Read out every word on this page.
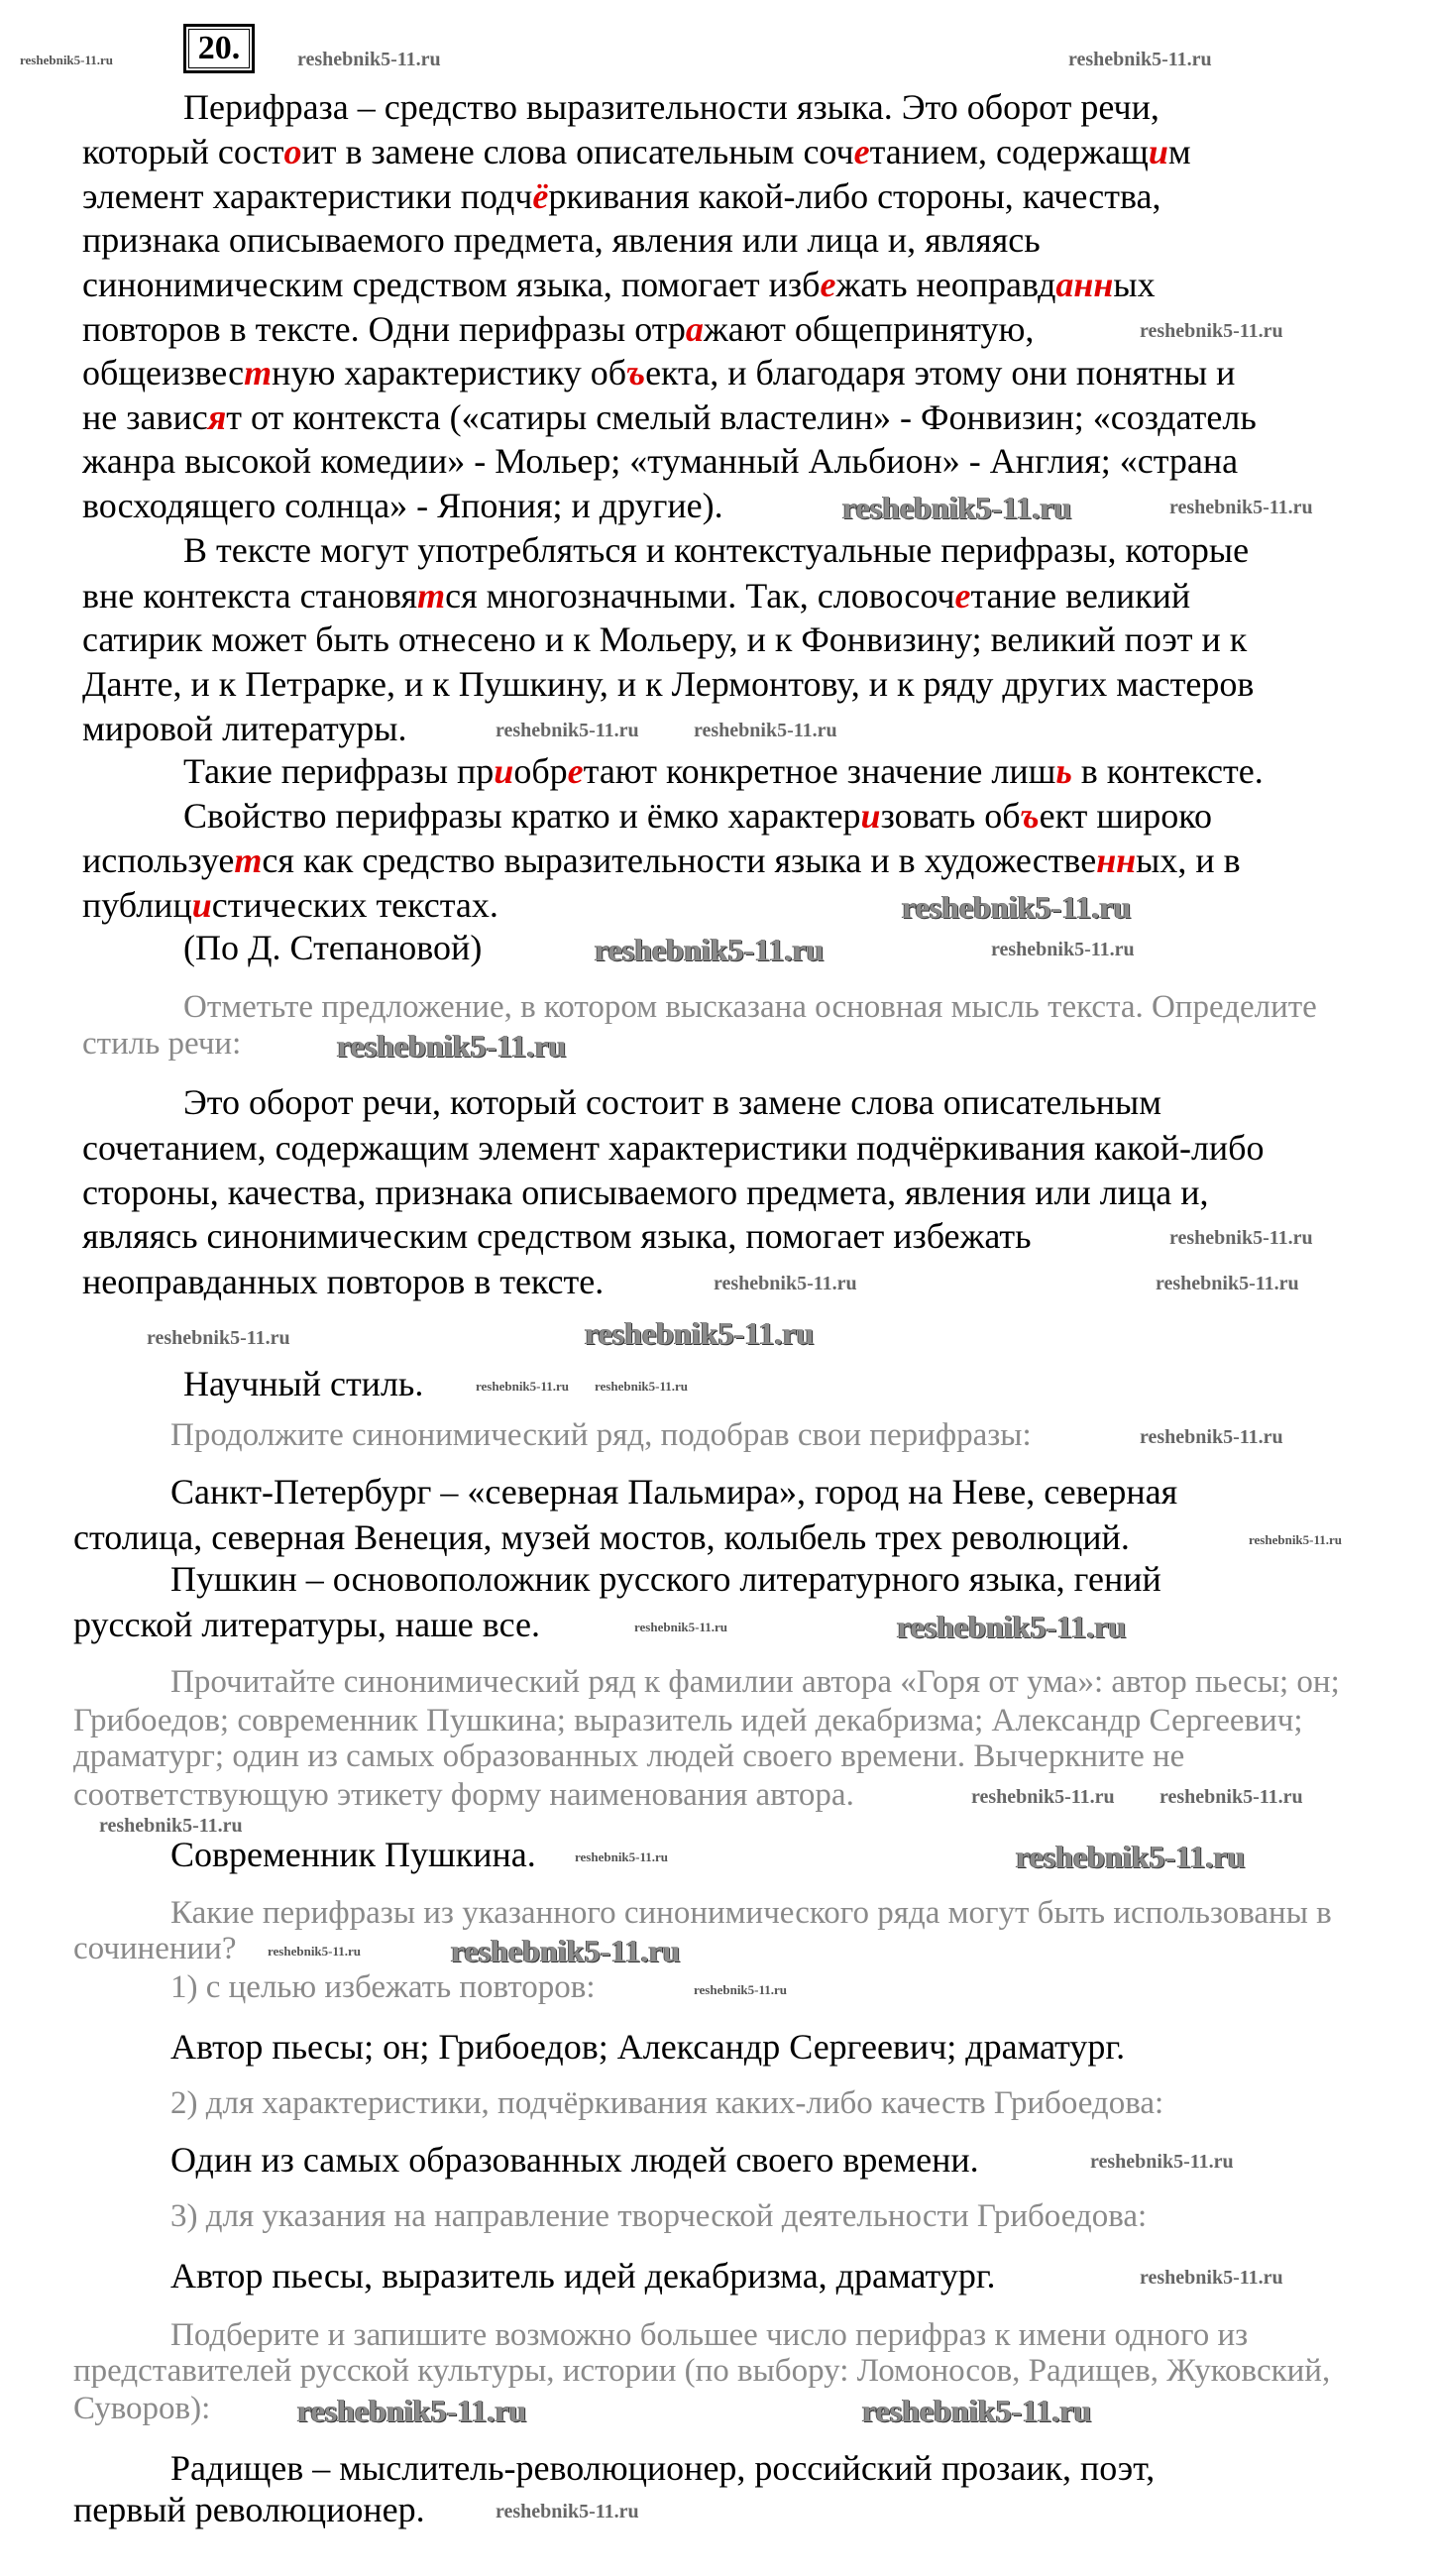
20.
Перифраза – средство выразительности языка. Это оборот речи,
который состоит в замене слова описательным сочетанием, содержащим
элемент характеристики подчёркивания какой-либо стороны, качества,
признака описываемого предмета, явления или лица и, являясь
синонимическим средством языка, помогает избежать неоправданных
повторов в тексте. Одни перифразы отражают общепринятую,
общеизвестную характеристику объекта, и благодаря этому они понятны и
не зависят от контекста («сатиры смелый властелин» - Фонвизин; «создатель
жанра высокой комедии» - Мольер; «туманный Альбион» - Англия; «страна
восходящего солнца» - Япония; и другие).
В тексте могут употребляться и контекстуальные перифразы, которые
вне контекста становятся многозначными. Так, словосочетание великий
сатирик может быть отнесено и к Мольеру, и к Фонвизину; великий поэт и к
Данте, и к Петрарке, и к Пушкину, и к Лермонтову, и к ряду других мастеров
мировой литературы.
Такие перифразы приобретают конкретное значение лишь в контексте.
Свойство перифразы кратко и ёмко характеризовать объект широко
используется как средство выразительности языка и в художественных, и в
публицистических текстах.
(По Д. Степановой)
Отметьте предложение, в котором высказана основная мысль текста. Определите
стиль речи:
Это оборот речи, который состоит в замене слова описательным
сочетанием, содержащим элемент характеристики подчёркивания какой-либо
стороны, качества, признака описываемого предмета, явления или лица и,
являясь синонимическим средством языка, помогает избежать
неоправданных повторов в тексте.
Научный стиль.
Продолжите синонимический ряд, подобрав свои перифразы:
Санкт-Петербург – «северная Пальмира», город на Неве, северная
столица, северная Венеция, музей мостов, колыбель трех революций.
Пушкин – основоположник русского литературного языка, гений
русской литературы, наше все.
Прочитайте синонимический ряд к фамилии автора «Горя от ума»: автор пьесы; он;
Грибоедов; современник Пушкина; выразитель идей декабризма; Александр Сергеевич;
драматург; один из самых образованных людей своего времени. Вычеркните не
соответствующую этикету форму наименования автора.
Современник Пушкина.
Какие перифразы из указанного синонимического ряда могут быть использованы в
сочинении?
1) с целью избежать повторов:
Автор пьесы; он; Грибоедов; Александр Сергеевич; драматург.
2) для характеристики, подчёркивания каких-либо качеств Грибоедова:
Один из самых образованных людей своего времени.
3) для указания на направление творческой деятельности Грибоедова:
Автор пьесы, выразитель идей декабризма, драматург.
Подберите и запишите возможно большее число перифраз к имени одного из
представителей русской культуры, истории (по выбору: Ломоносов, Радищев, Жуковский,
Суворов):
Радищев – мыслитель-революционер, российский прозаик, поэт,
первый революционер.
reshebnik5-11.ru	reshebnik5-11.ru	reshebnik5-11.ru
reshebnik5-11.ru
reshebnik5-11.ru
reshebnik5-11.ru
reshebnik5-11.ru
reshebnik5-11.ru
reshebnik5-11.ru
reshebnik5-11.ru
reshebnik5-11.ru
reshebnik5-11.ru reshebnik5-11.ru
reshebnik5-11.ru
reshebnik5-11.ru
reshebnik5-11.ru
reshebnik5-11.ru
reshebnik5-11.ru
reshebnik5-11.ru
reshebnik5-11.ru
reshebnik5-11.ru
reshebnik5-11.ru
reshebnik5-11.ru
reshebnik5-11.ru
reshebnik5-11.ru
reshebnik5-11.ru
reshebnik5-11.ru reshebnik5-11.ru
reshebnik5-11.ru
reshebnik5-11.ru
reshebnik5-11.ru
reshebnik5-11.ru
reshebnik5-11.ru
reshebnik5-11.ru
reshebnik5-11.ru	reshebnik5-11.ru
